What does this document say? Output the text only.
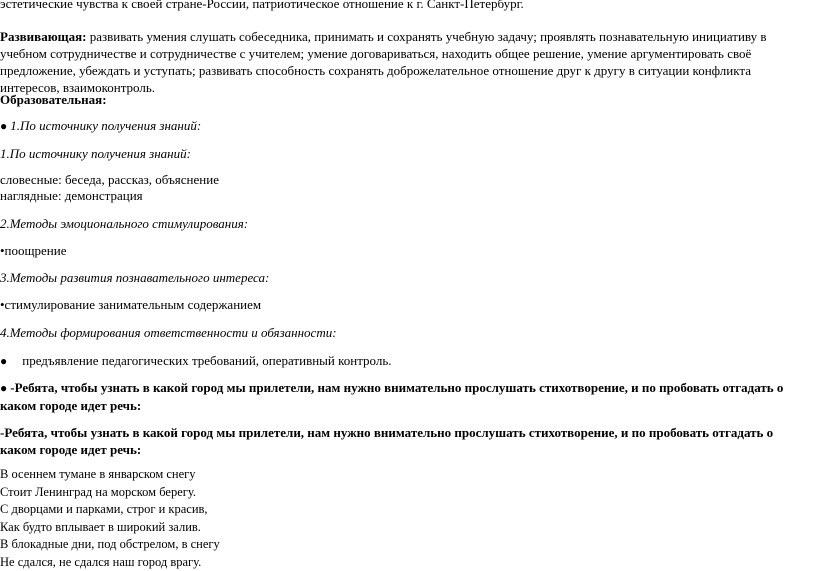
эстетические чувства к своей стране-России, патриотическое отношение к г. Санкт-Петербург.

Развивающая: развивать умения слушать собеседника, принимать и сохранять учебную задачу; проявлять познавательную инициативу в учебном сотрудничестве и сотрудничестве с учителем; умение договариваться, находить общее решение, умение аргументировать своё предложение, убеждать и уступать; развивать способность сохранять доброжелательное отношение друг к другу в ситуации конфликта интересов, взаимоконтроль.

Образовательная:

● 1.По источнику получения знаний:

1.По источнику получения знаний:

словесные: беседа, рассказ, объяснение

наглядные: демонстрация

2.Методы эмоционального стимулирования:

•поощрение

3.Методы развития познавательного интереса:

•стимулирование занимательным содержанием

4.Методы формирования ответственности и обязанности:

● предъявление педагогических требований, оперативный контроль.

● -Ребята, чтобы узнать в какой город мы прилетели, нам нужно внимательно прослушать стихотворение, и по пробовать отгадать о каком городе идет речь:

-Ребята, чтобы узнать в какой город мы прилетели, нам нужно внимательно прослушать стихотворение, и по пробовать отгадать о каком городе идет речь:

В осеннем тумане в январском снегу
Стоит Ленинград на морском берегу.
С дворцами и парками, строг и красив,
Как будто вплывает в широкий залив.
В блокадные дни, под обстрелом, в снегу
Не сдался, не сдался наш город врагу.
